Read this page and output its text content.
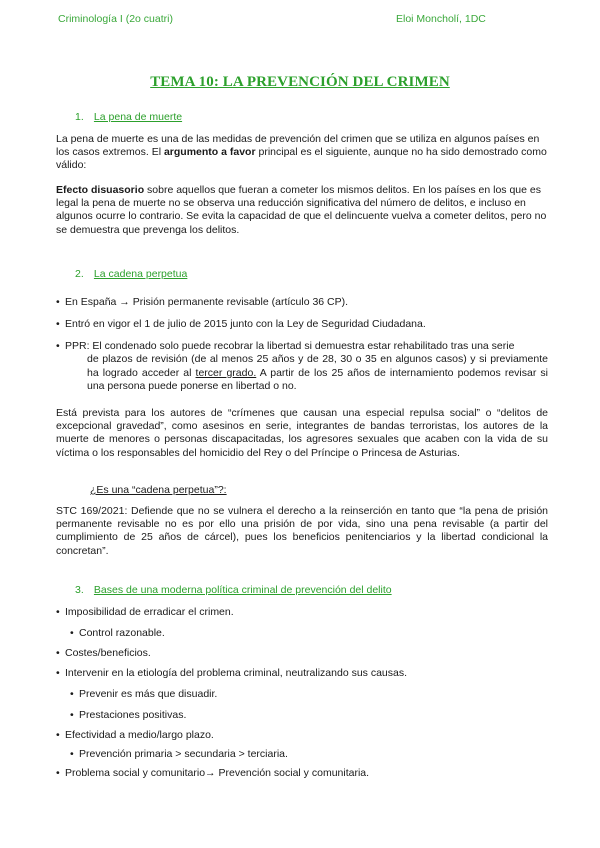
Criminología I (2o cuatri)	Eloi Moncholí, 1DC
TEMA 10: LA PREVENCIÓN DEL CRIMEN
1. La pena de muerte
La pena de muerte es una de las medidas de prevención del crimen que se utiliza en algunos países en los casos extremos. El argumento a favor principal es el siguiente, aunque no ha sido demostrado como válido:
Efecto disuasorio sobre aquellos que fueran a cometer los mismos delitos. En los países en los que es legal la pena de muerte no se observa una reducción significativa del número de delitos, e incluso en algunos ocurre lo contrario. Se evita la capacidad de que el delincuente vuelva a cometer delitos, pero no se demuestra que prevenga los delitos.
2. La cadena perpetua
• En España → Prisión permanente revisable (artículo 36 CP).
• Entró en vigor el 1 de julio de 2015 junto con la Ley de Seguridad Ciudadana.
• PPR: El condenado solo puede recobrar la libertad si demuestra estar rehabilitado tras una serie
de plazos de revisión (de al menos 25 años y de 28, 30 o 35 en algunos casos) y si previamente ha logrado acceder al tercer grado. A partir de los 25 años de internamiento podemos revisar si una persona puede ponerse en libertad o no.
Está prevista para los autores de “crímenes que causan una especial repulsa social” o “delitos de excepcional gravedad”, como asesinos en serie, integrantes de bandas terroristas, los autores de la muerte de menores o personas discapacitadas, los agresores sexuales que acaben con la vida de su víctima o los responsables del homicidio del Rey o del Príncipe o Princesa de Asturias.
¿Es una “cadena perpetua”?:
STC 169/2021: Defiende que no se vulnera el derecho a la reinserción en tanto que “la pena de prisión permanente revisable no es por ello una prisión de por vida, sino una pena revisable (a partir del cumplimiento de 25 años de cárcel), pues los beneficios penitenciarios y la libertad condicional la concretan”.
3. Bases de una moderna política criminal de prevención del delito
• Imposibilidad de erradicar el crimen.
• Control razonable.
• Costes/beneficios.
• Intervenir en la etiología del problema criminal, neutralizando sus causas.
• Prevenir es más que disuadir.
• Prestaciones positivas.
• Efectividad a medio/largo plazo.
• Prevención primaria > secundaria > terciaria.
• Problema social y comunitario→ Prevención social y comunitaria.
